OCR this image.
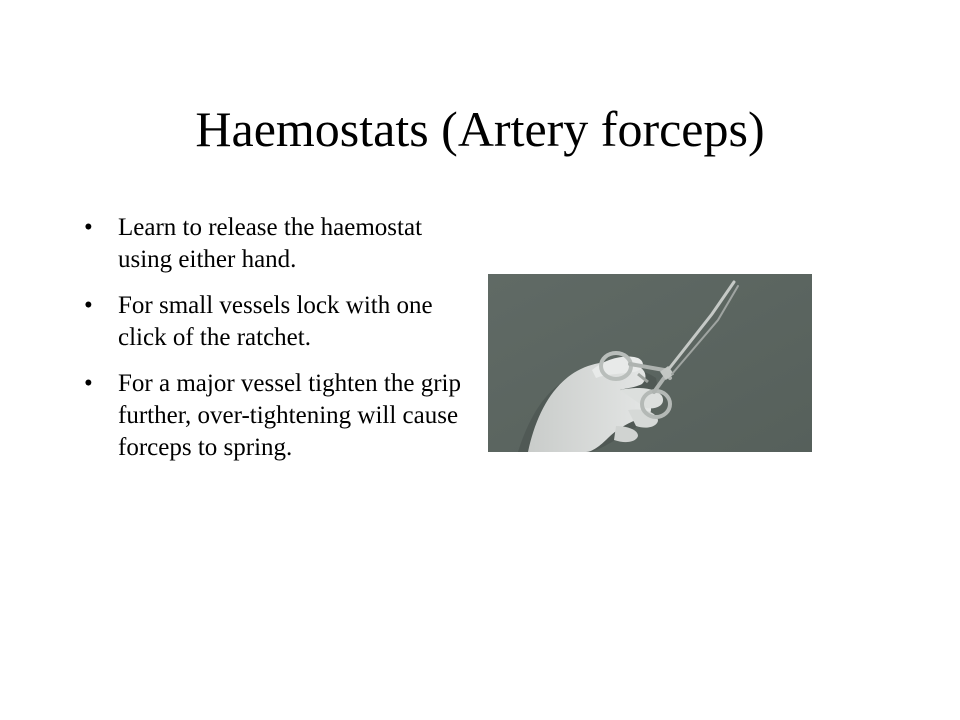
Haemostats (Artery forceps)
•	Learn to release the haemostat using either hand.
•	For small vessels lock with one click of the ratchet.
•	For a major vessel tighten the grip further, over-tightening will cause forceps to spring.
